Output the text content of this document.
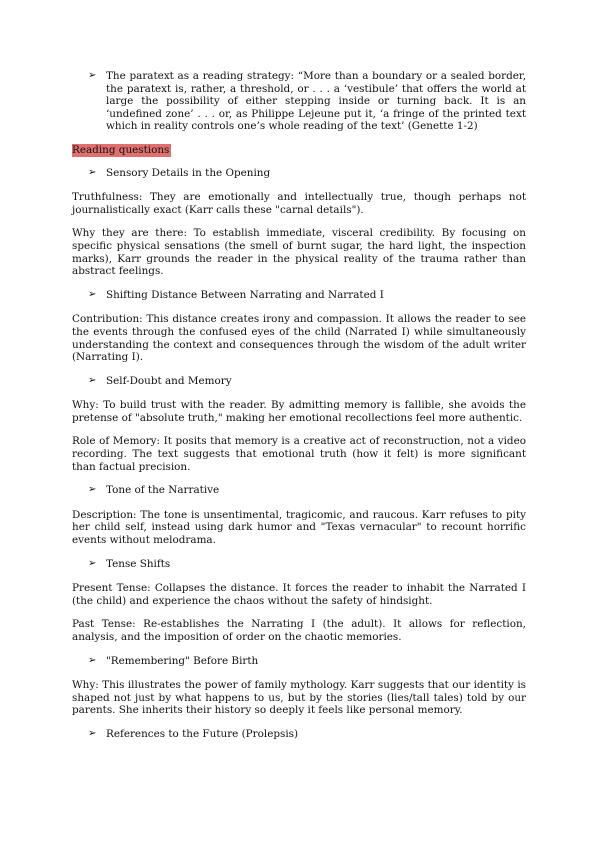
➢ The paratext as a reading strategy: “More than a boundary or a sealed border, the paratext is, rather, a threshold, or . . . a ‘vestibule’ that offers the world at large the possibility of either stepping inside or turning back. It is an ‘undefined zone’ . . . or, as Philippe Lejeune put it, ‘a fringe of the printed text which in reality controls one’s whole reading of the text’ (Genette 1-2)
Reading questions
➢ Sensory Details in the Opening

Truthfulness: They are emotionally and intellectually true, though perhaps not journalistically exact (Karr calls these "carnal details").

Why they are there: To establish immediate, visceral credibility. By focusing on specific physical sensations (the smell of burnt sugar, the hard light, the inspection marks), Karr grounds the reader in the physical reality of the trauma rather than abstract feelings.

➢ Shifting Distance Between Narrating and Narrated I

Contribution: This distance creates irony and compassion. It allows the reader to see the events through the confused eyes of the child (Narrated I) while simultaneously understanding the context and consequences through the wisdom of the adult writer (Narrating I).

➢ Self-Doubt and Memory

Why: To build trust with the reader. By admitting memory is fallible, she avoids the pretense of "absolute truth," making her emotional recollections feel more authentic.

Role of Memory: It posits that memory is a creative act of reconstruction, not a video recording. The text suggests that emotional truth (how it felt) is more significant than factual precision.

➢ Tone of the Narrative

Description: The tone is unsentimental, tragicomic, and raucous. Karr refuses to pity her child self, instead using dark humor and "Texas vernacular" to recount horrific events without melodrama.

➢ Tense Shifts

Present Tense: Collapses the distance. It forces the reader to inhabit the Narrated I (the child) and experience the chaos without the safety of hindsight.

Past Tense: Re-establishes the Narrating I (the adult). It allows for reflection, analysis, and the imposition of order on the chaotic memories.

➢ "Remembering" Before Birth

Why: This illustrates the power of family mythology. Karr suggests that our identity is shaped not just by what happens to us, but by the stories (lies/tall tales) told by our parents. She inherits their history so deeply it feels like personal memory.

➢ References to the Future (Prolepsis)
